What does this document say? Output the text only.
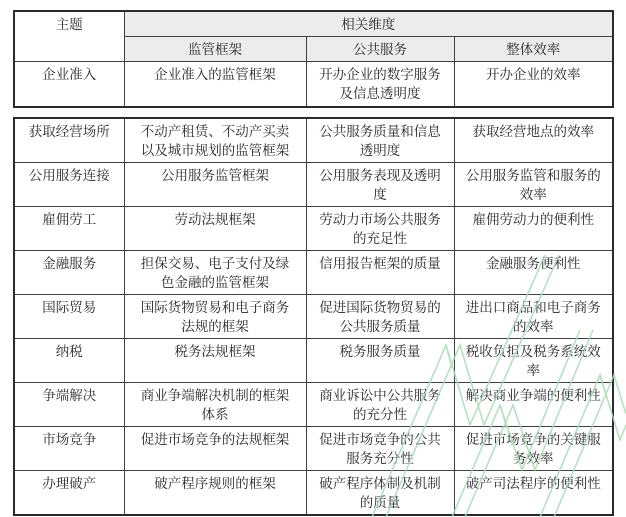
主题	相关维度		
	监管框架	公共服务	整体效率
企业准入	企业准入的监管框架	开办企业的数字服务及信息透明度	开办企业的效率
获取经营场所	不动产租赁、不动产买卖以及城市规划的监管框架	公共服务质量和信息透明度	获取经营地点的效率
公用服务连接	公用服务监管框架	公用服务表现及透明度	公用服务监管和服务的效率
雇佣劳工	劳动法规框架	劳动力市场公共服务的充足性	雇佣劳动力的便利性
金融服务	担保交易、电子支付及绿色金融的监管框架	信用报告框架的质量	金融服务便利性
国际贸易	国际货物贸易和电子商务法规的框架	促进国际货物贸易的公共服务质量	进出口商品和电子商务的效率
纳税	税务法规框架	税务服务质量	税收负担及税务系统效率
争端解决	商业争端解决机制的框架体系	商业诉讼中公共服务的充分性	解决商业争端的便利性
市场竞争	促进市场竞争的法规框架	促进市场竞争的公共服务充分性	促进市场竞争的关键服务效率
办理破产	破产程序规则的框架	破产程序体制及机制的质量	破产司法程序的便利性
